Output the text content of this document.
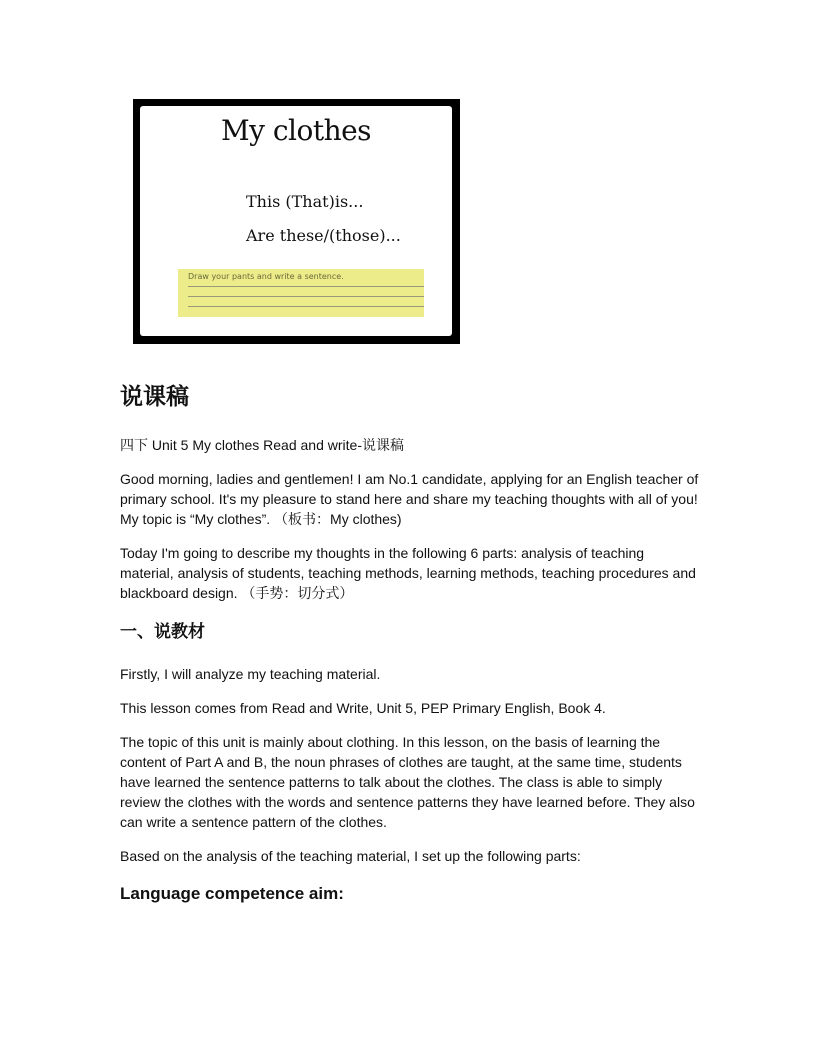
My clothes
This (That)is...
Are these/(those)...
Draw your pants and write a sentence.
说课稿

四下 Unit 5 My clothes Read and write-说课稿

Good morning, ladies and gentlemen! I am No.1 candidate, applying for an English teacher of primary school. It's my pleasure to stand here and share my teaching thoughts with all of you! My topic is “My clothes”. （板书：My clothes)

Today I'm going to describe my thoughts in the following 6 parts: analysis of teaching material, analysis of students, teaching methods, learning methods, teaching procedures and blackboard design. （手势：切分式）

一、说教材

Firstly, I will analyze my teaching material.

This lesson comes from Read and Write, Unit 5, PEP Primary English, Book 4.

The topic of this unit is mainly about clothing. In this lesson, on the basis of learning the content of Part A and B, the noun phrases of clothes are taught, at the same time, students have learned the sentence patterns to talk about the clothes. The class is able to simply review the clothes with the words and sentence patterns they have learned before. They also can write a sentence pattern of the clothes.

Based on the analysis of the teaching material, I set up the following parts:

Language competence aim:
